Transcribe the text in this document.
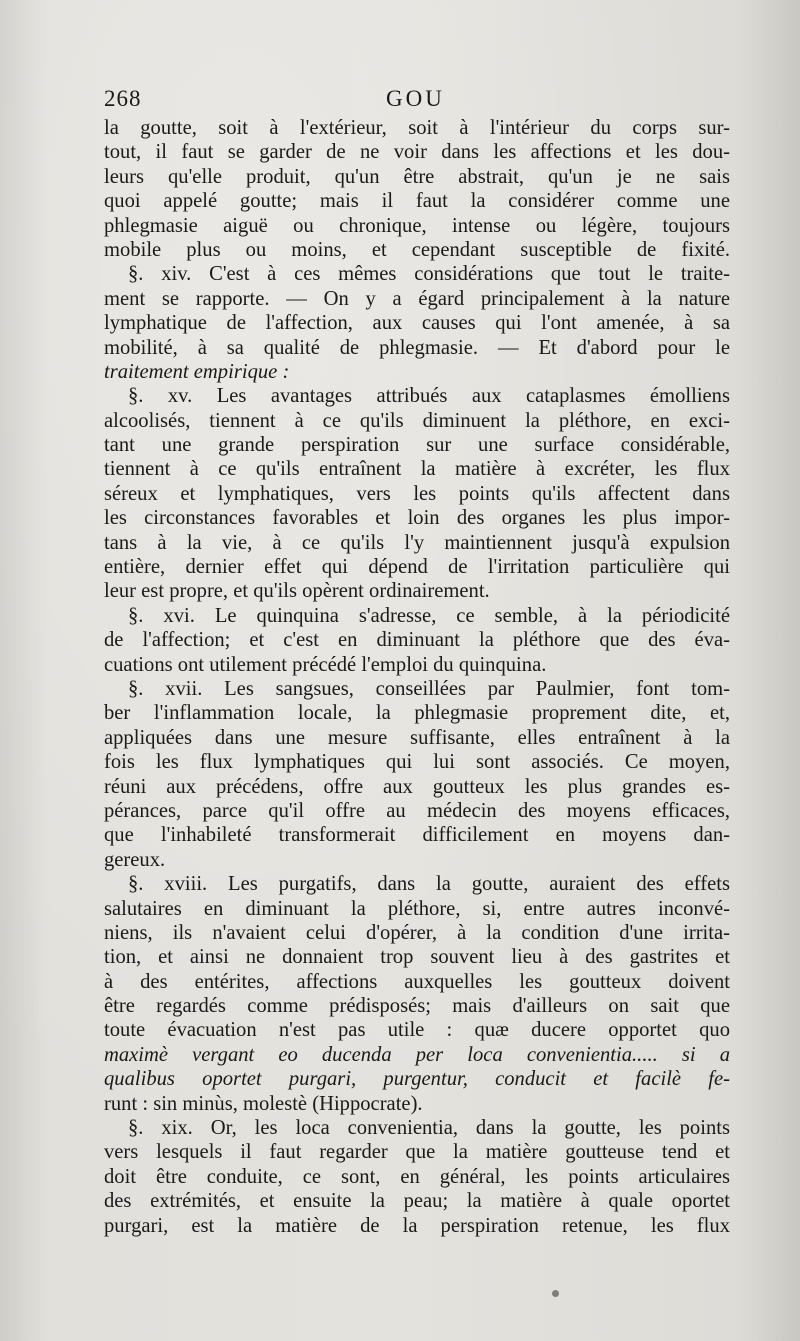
268	GOU
la goutte, soit à l'extérieur, soit à l'intérieur du corps sur-
tout, il faut se garder de ne voir dans les affections et les dou-
leurs qu'elle produit, qu'un être abstrait, qu'un je ne sais
quoi appelé goutte; mais il faut la considérer comme une
phlegmasie aiguë ou chronique, intense ou légère, toujours
mobile plus ou moins, et cependant susceptible de fixité.
§. xiv. C'est à ces mêmes considérations que tout le traite-
ment se rapporte. — On y a égard principalement à la nature
lymphatique de l'affection, aux causes qui l'ont amenée, à sa
mobilité, à sa qualité de phlegmasie. — Et d'abord pour le
traitement empirique :
§. xv. Les avantages attribués aux cataplasmes émolliens
alcoolisés, tiennent à ce qu'ils diminuent la pléthore, en exci-
tant une grande perspiration sur une surface considérable,
tiennent à ce qu'ils entraînent la matière à excréter, les flux
séreux et lymphatiques, vers les points qu'ils affectent dans
les circonstances favorables et loin des organes les plus impor-
tans à la vie, à ce qu'ils l'y maintiennent jusqu'à expulsion
entière, dernier effet qui dépend de l'irritation particulière qui
leur est propre, et qu'ils opèrent ordinairement.
§. xvi. Le quinquina s'adresse, ce semble, à la périodicité
de l'affection; et c'est en diminuant la pléthore que des éva-
cuations ont utilement précédé l'emploi du quinquina.
§. xvii. Les sangsues, conseillées par Paulmier, font tom-
ber l'inflammation locale, la phlegmasie proprement dite, et,
appliquées dans une mesure suffisante, elles entraînent à la
fois les flux lymphatiques qui lui sont associés. Ce moyen,
réuni aux précédens, offre aux goutteux les plus grandes es-
pérances, parce qu'il offre au médecin des moyens efficaces,
que l'inhabileté transformerait difficilement en moyens dan-
gereux.
§. xviii. Les purgatifs, dans la goutte, auraient des effets
salutaires en diminuant la pléthore, si, entre autres inconvé-
niens, ils n'avaient celui d'opérer, à la condition d'une irrita-
tion, et ainsi ne donnaient trop souvent lieu à des gastrites et
à des entérites, affections auxquelles les goutteux doivent
être regardés comme prédisposés; mais d'ailleurs on sait que
toute évacuation n'est pas utile : quæ ducere opportet quo
maximè vergant eo ducenda per loca convenientia..... si a
qualibus oportet purgari, purgentur, conducit et facilè fe-
runt : sin minùs, molestè (Hippocrate).
§. xix. Or, les loca convenientia, dans la goutte, les points
vers lesquels il faut regarder que la matière goutteuse tend et
doit être conduite, ce sont, en général, les points articulaires
des extrémités, et ensuite la peau; la matière à quale oportet
purgari, est la matière de la perspiration retenue, les flux
